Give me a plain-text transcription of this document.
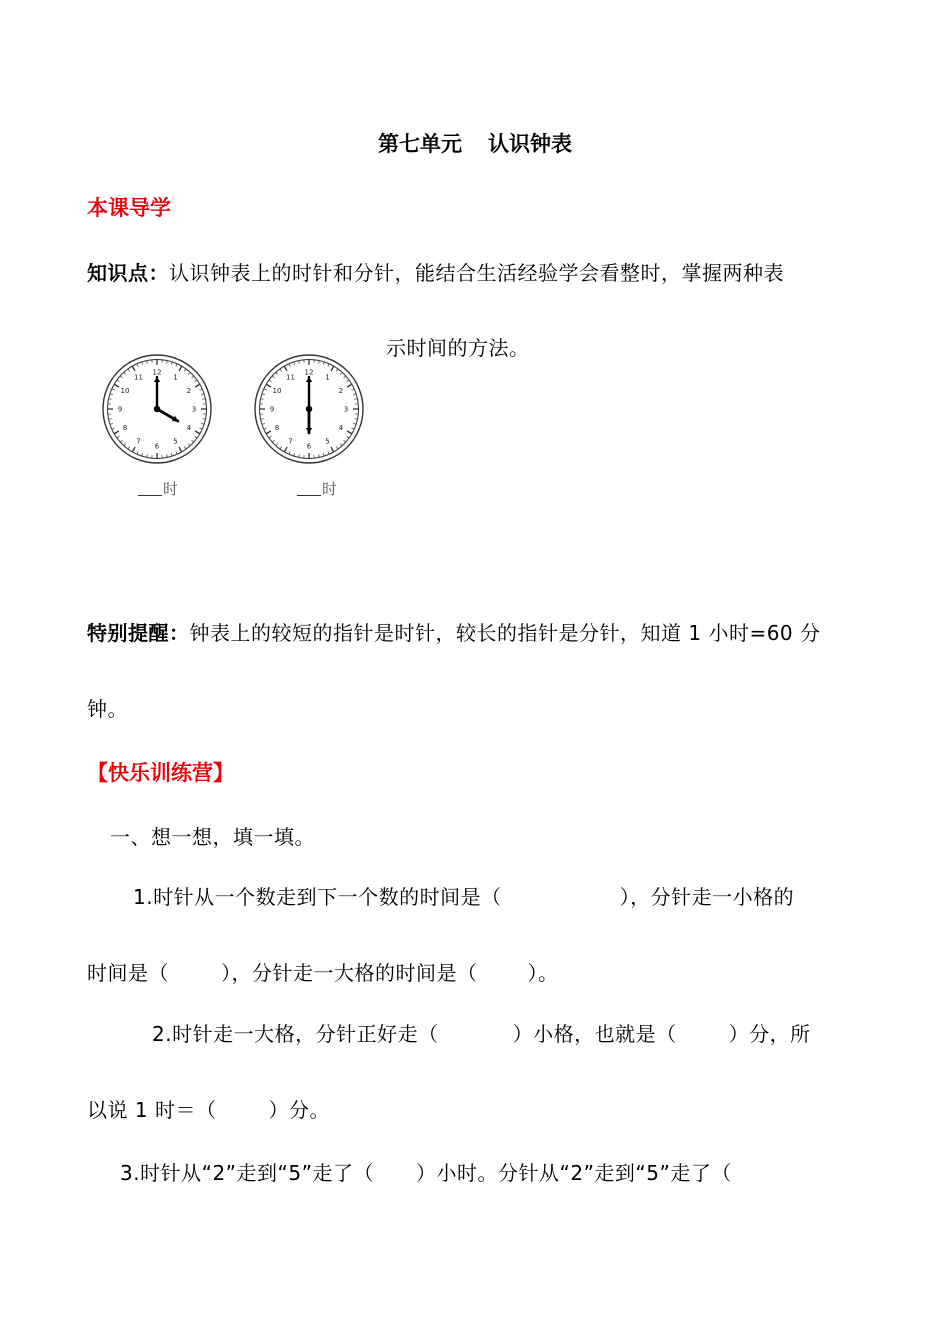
第七单元 认识钟表
本课导学
知识点：认识钟表上的时针和分针，能结合生活经验学会看整时，掌握两种表
示时间的方法。
1
2
3
4
5
6
7
8
9
10
11
12
时
1
2
3
4
5
6
7
8
9
10
11
12
时
特别提醒：钟表上的较短的指针是时针，较长的指针是分针，知道 1 小时=60 分
钟。
【快乐训练营】
一、想一想，填一填。
1.时针从一个数走到下一个数的时间是（	），分针走一小格的
时间是（	），分针走一大格的时间是（	）。
2.时针走一大格，分针正好走（	）小格，也就是（	）分，所
以说 1 时＝（	）分。
3.时针从“2”走到“5”走了（ ）小时。分针从“2”走到“5”走了（
